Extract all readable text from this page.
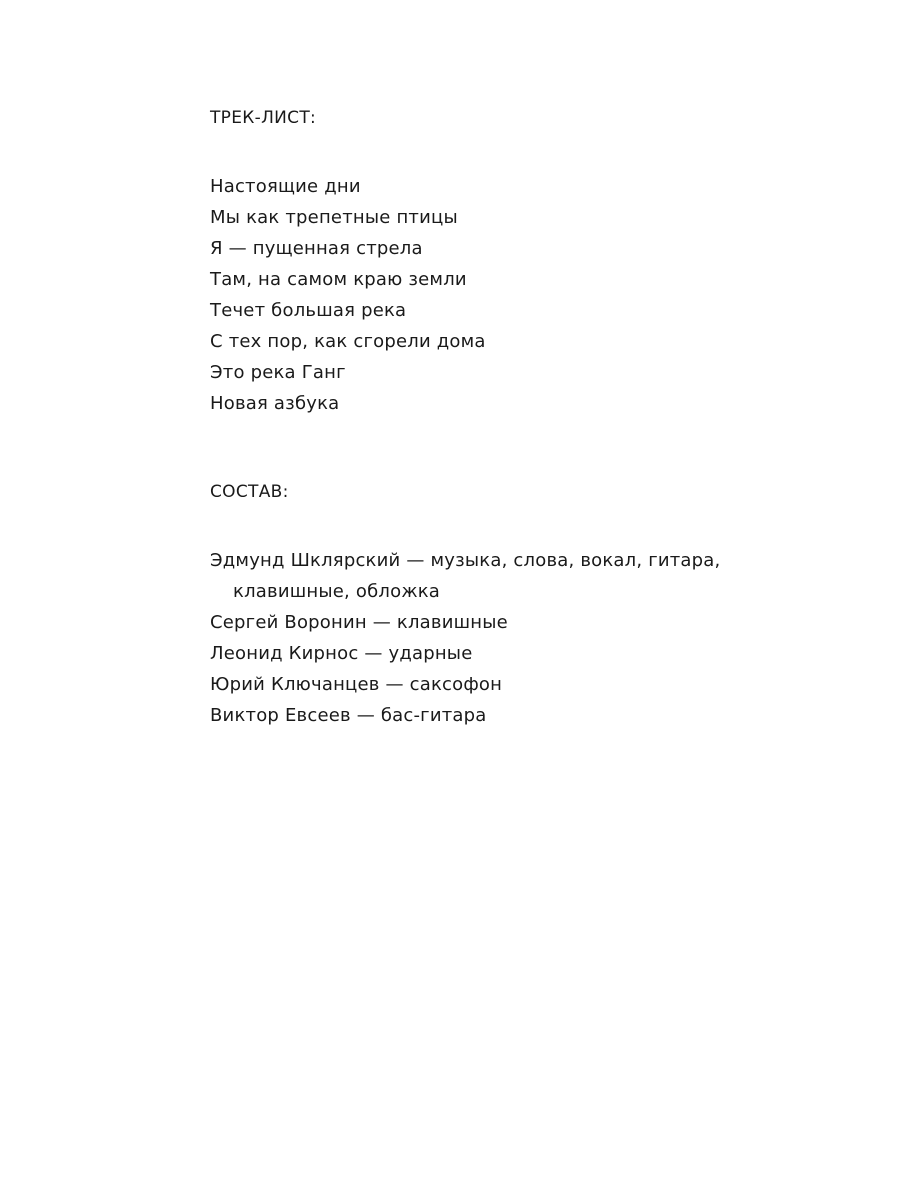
ТРЕК-ЛИСТ:
Настоящие дни
Мы как трепетные птицы
Я — пущенная стрела
Там, на самом краю земли
Течет большая река
С тех пор, как сгорели дома
Это река Ганг
Новая азбука
СОСТАВ:
Эдмунд Шклярский — музыка, слова, вокал, гитара, клавишные, обложка
Сергей Воронин — клавишные
Леонид Кирнос — ударные
Юрий Ключанцев — саксофон
Виктор Евсеев — бас-гитара
